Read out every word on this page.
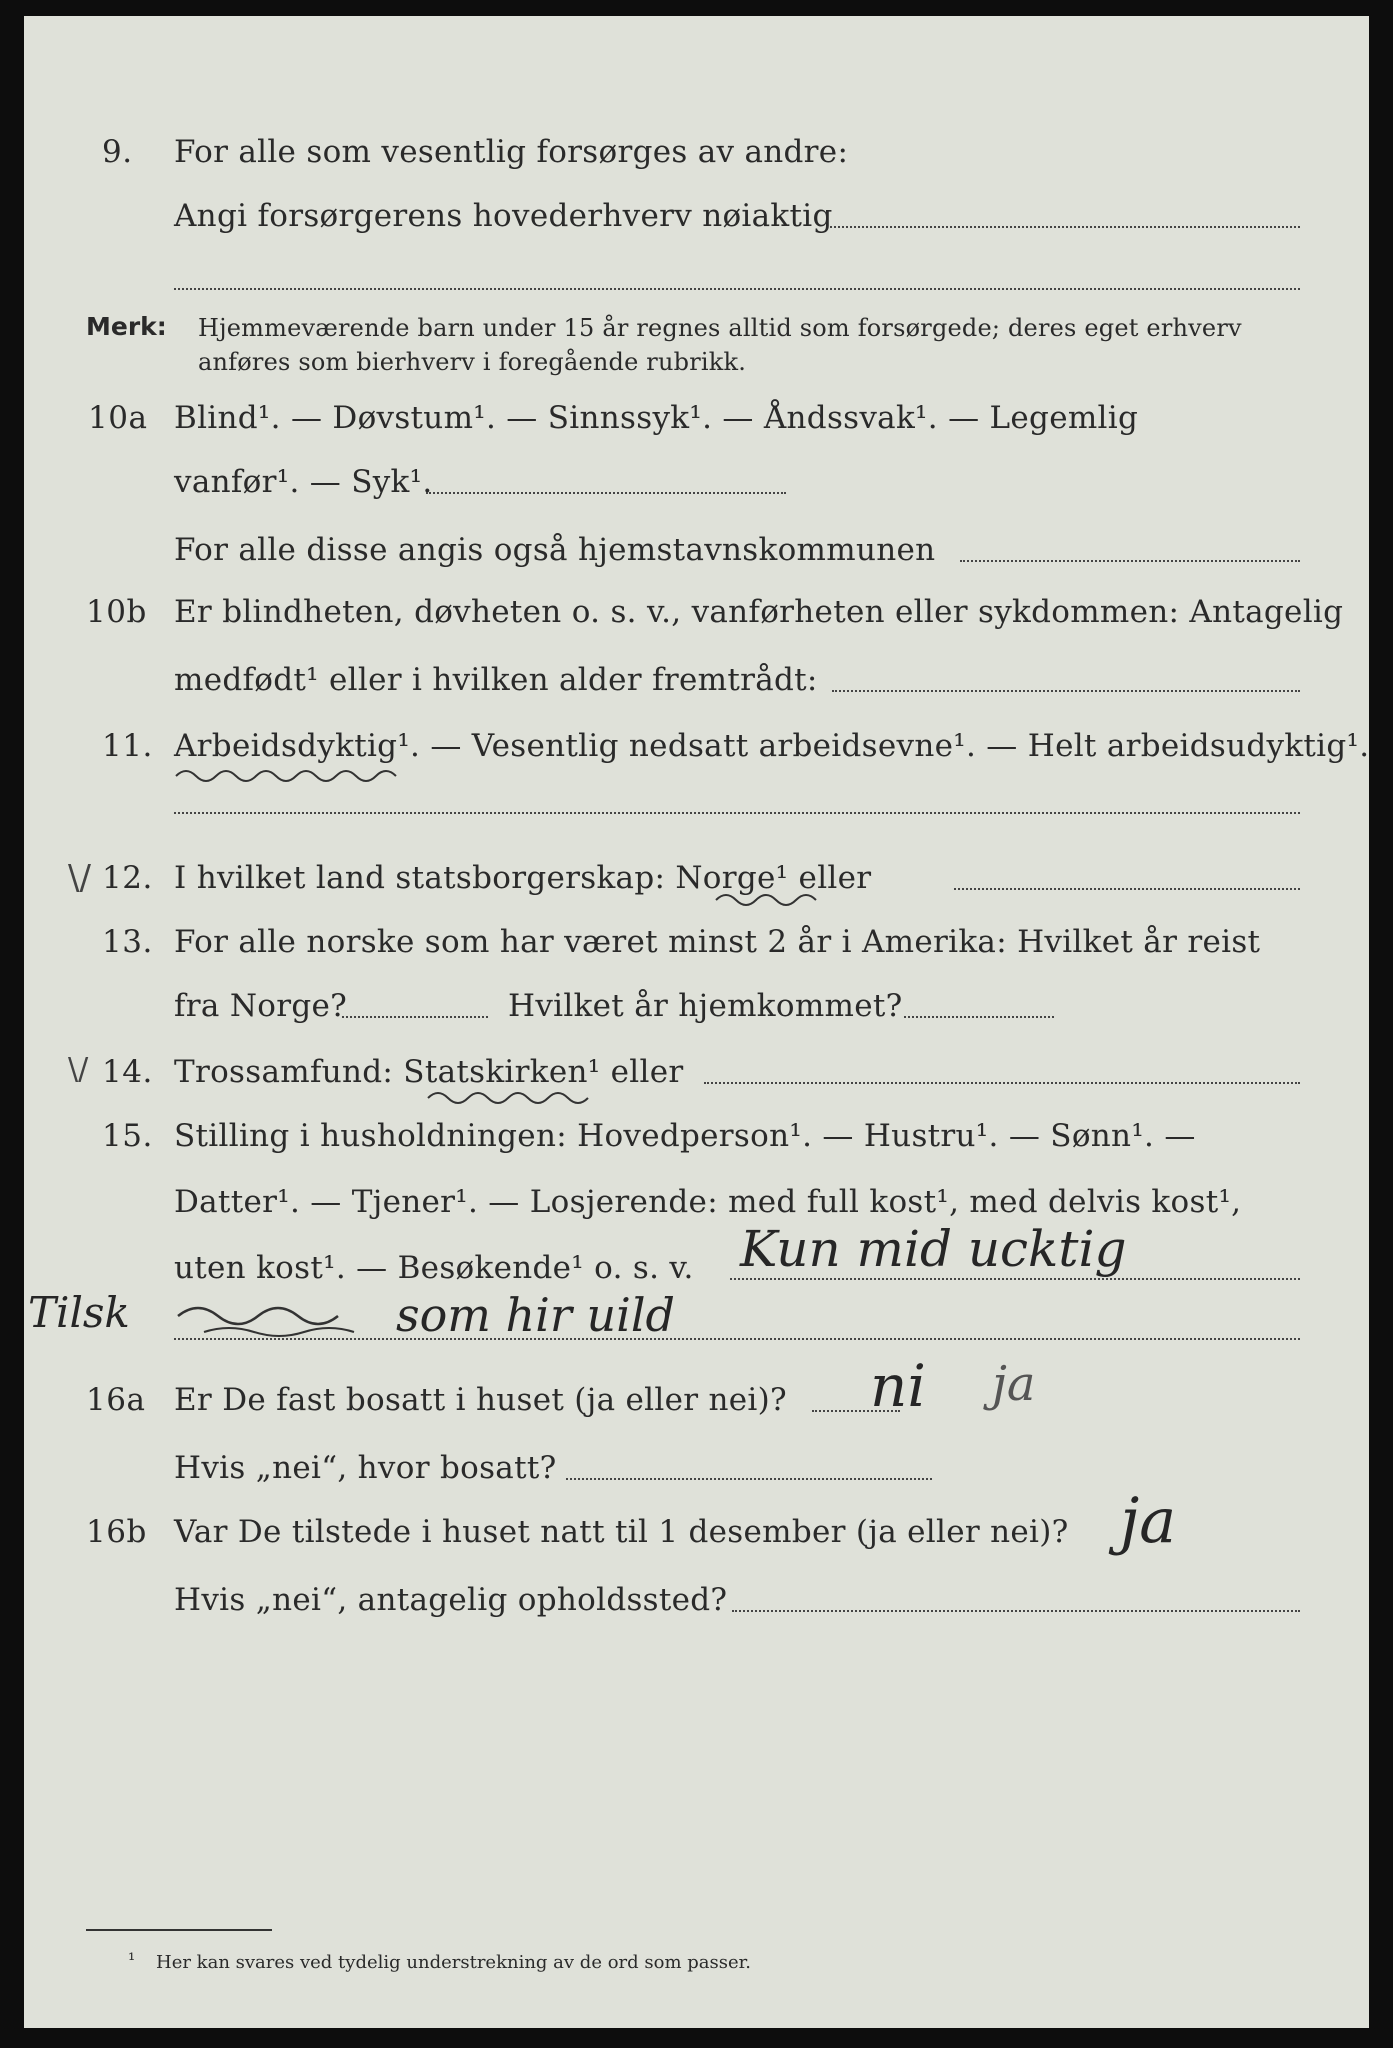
9. For alle som vesentlig forsørges av andre:
Angi forsørgerens hovederhverv nøiaktig
Merk: Hjemmeværende barn under 15 år regnes alltid som forsørgede; deres eget erhverv
anføres som bierhverv i foregående rubrikk.
10a Blind¹. — Døvstum¹. — Sinnssyk¹. — Åndssvak¹. — Legemlig
vanfør¹. — Syk¹.
For alle disse angis også hjemstavnskommunen
10b Er blindheten, døvheten o. s. v., vanførheten eller sykdommen: Antagelig
medfødt¹ eller i hvilken alder fremtrådt:
11. Arbeidsdyktig¹. — Vesentlig nedsatt arbeidsevne¹. — Helt arbeidsudyktig¹.
\/ 12. I hvilket land statsborgerskap: Norge¹ eller
13. For alle norske som har været minst 2 år i Amerika: Hvilket år reist
fra Norge?	Hvilket år hjemkommet?
\/ 14. Trossamfund: Statskirken¹ eller
15. Stilling i husholdningen: Hovedperson¹. — Hustru¹. — Sønn¹. —
Datter¹. — Tjener¹. — Losjerende: med full kost¹, med delvis kost¹,
uten kost¹. — Besøkende¹ o. s. v. Kun mid ucktig
Tilsk	som hir uild
16a Er De fast bosatt i huset (ja eller nei)? ni ja
Hvis „nei“, hvor bosatt?
16b Var De tilstede i huset natt til 1 desember (ja eller nei)? ja
Hvis „nei“, antagelig opholdssted?
¹ Her kan svares ved tydelig understrekning av de ord som passer.
